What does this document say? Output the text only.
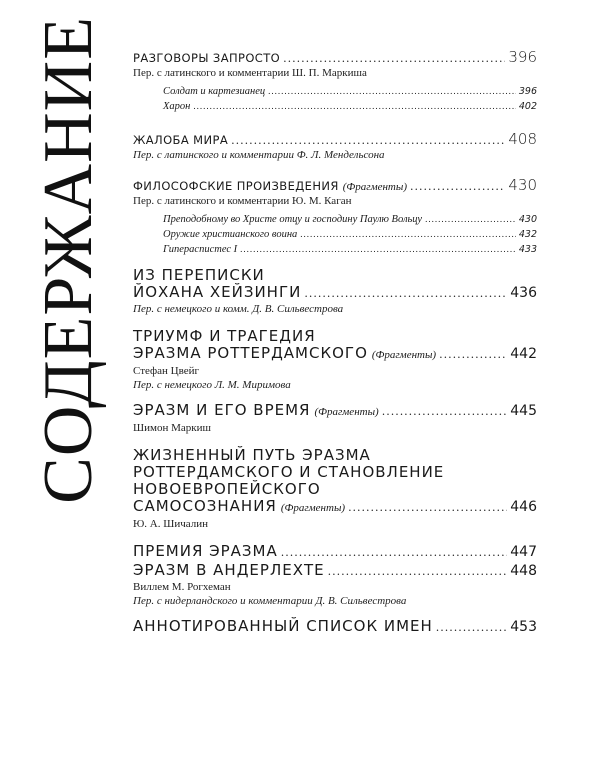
СОДЕРЖАНИЕ РАЗГОВОРЫ ЗАПРОСТО .....	396
Пер. с латинского и комментарии Ш. П. Маркиша
Солдат и картезианец .....	396
Харон .....	402
ЖАЛОБА МИРА .....	408
Пер. с латинского и комментарии Ф. Л. Мендельсона
ФИЛОСОФСКИЕ ПРОИЗВЕДЕНИЯ (Фрагменты) .....	430
Пер. с латинского и комментарии Ю. М. Каган
Преподобному во Христе отцу и господину Паулю Вольцу .....	430
Оружие христианского воина .....	432
Гипераспистес I .....	433
ИЗ ПЕРЕПИСКИ
ЙОХАНА ХЕЙЗИНГИ .....	436
Пер. с немецкого и комм. Д. В. Сильвестрова
ТРИУМФ И ТРАГЕДИЯ
ЭРАЗМА РОТТЕРДАМСКОГО (Фрагменты) .....	442
Стефан Цвейг
Пер. с немецкого Л. М. Миримова
ЭРАЗМ И ЕГО ВРЕМЯ (Фрагменты) .....	445
Шимон Маркиш
ЖИЗНЕННЫЙ ПУТЬ ЭРАЗМА
РОТТЕРДАМСКОГО И СТАНОВЛЕНИЕ
НОВОЕВРОПЕЙСКОГО
САМОСОЗНАНИЯ (Фрагменты) .....	446
Ю. А. Шичалин
ПРЕМИЯ ЭРАЗМА .....	447
ЭРАЗМ В АНДЕРЛЕХТЕ .....	448
Виллем М. Рогхеман
Пер. с нидерландского и комментарии Д. В. Сильвестрова
АННОТИРОВАННЫЙ СПИСОК ИМЕН .....	453
